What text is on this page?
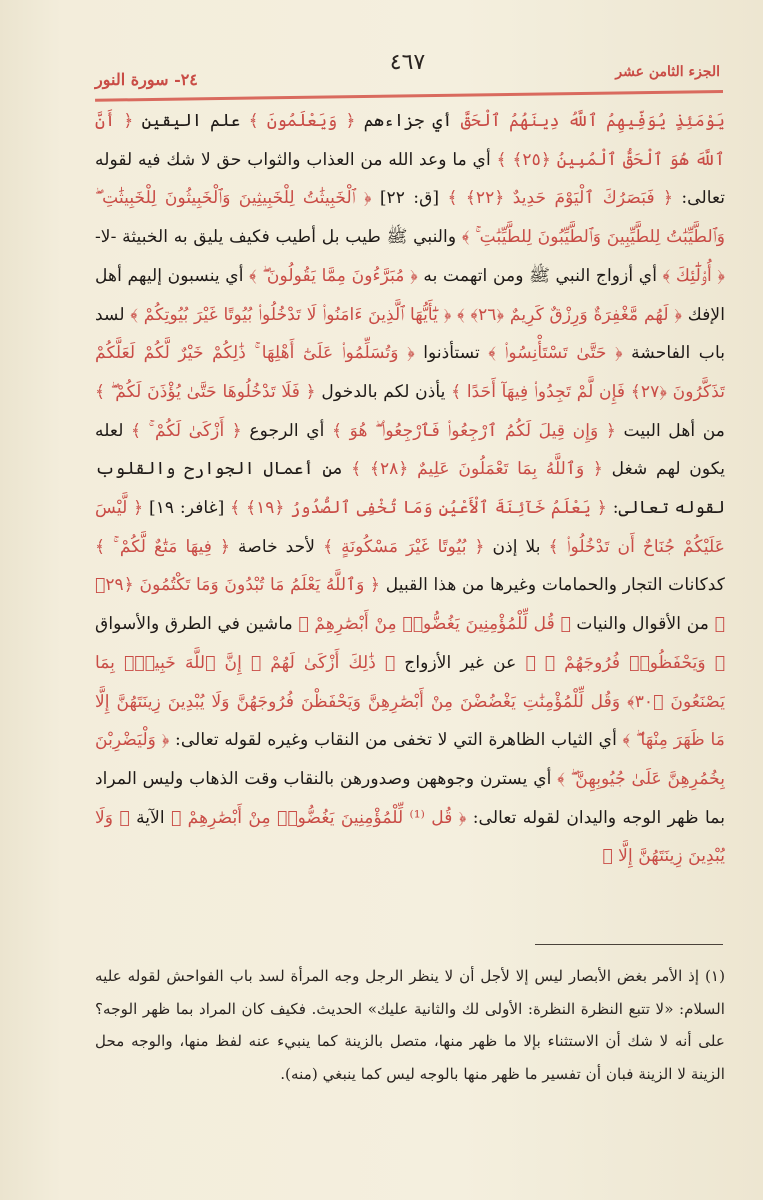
٤٦٧	الجزء الثامن عشر
٢٤- سورة النور
يَوْمَئِذٍ يُوَفِّيهِمُ ٱللَّهُ دِينَهُمُ ٱلْحَقَّ أي جزاءهم ﴿ وَيَعْلَمُونَ ﴾ علم اليقين ﴿ أَنَّ ٱللَّهَ هُوَ ٱلْحَقُّ ٱلْمُبِينُ ﴿٢٥﴾ ﴾ أي ما وعد الله من العذاب والثواب حق لا شك فيه لقوله تعالى: ﴿ فَبَصَرُكَ ٱلْيَوْمَ حَدِيدٌ ﴿٢٢﴾ ﴾ [ق: ٢٢] ﴿ ٱلْخَبِيثَٰتُ لِلْخَبِيثِينَ وَٱلْخَبِيثُونَ لِلْخَبِيثَٰتِ ۖ وَٱلطَّيِّبَٰتُ لِلطَّيِّبِينَ وَٱلطَّيِّبُونَ لِلطَّيِّبَٰتِ ۚ ﴾ والنبي ﷺ طيب بل أطيب فكيف يليق به الخبيثة -لا- ﴿ أُو۟لَٰٓئِكَ ﴾ أي أزواج النبي ﷺ ومن اتهمت به ﴿ مُبَرَّءُونَ مِمَّا يَقُولُونَ ۖ ﴾ أي ينسبون إليهم أهل الإفك ﴿ لَهُم مَّغْفِرَةٌ وَرِزْقٌ كَرِيمٌ ﴿٢٦﴾ ﴾ ﴿ يَٰٓأَيُّهَا ٱلَّذِينَ ءَامَنُوا۟ لَا تَدْخُلُوا۟ بُيُوتًا غَيْرَ بُيُوتِكُمْ ﴾ لسد باب الفاحشة ﴿ حَتَّىٰ تَسْتَأْنِسُوا۟ ﴾ تستأذنوا ﴿ وَتُسَلِّمُوا۟ عَلَىٰٓ أَهْلِهَا ۚ ذَٰلِكُمْ خَيْرٌ لَّكُمْ لَعَلَّكُمْ تَذَكَّرُونَ ﴿٢٧﴾ فَإِن لَّمْ تَجِدُوا۟ فِيهَآ أَحَدًا ﴾ يأذن لكم بالدخول ﴿ فَلَا تَدْخُلُوهَا حَتَّىٰ يُؤْذَنَ لَكُمْ ۖ ﴾ من أهل البيت ﴿ وَإِن قِيلَ لَكُمُ ٱرْجِعُوا۟ فَٱرْجِعُوا۟ ۖ هُوَ ﴾ أي الرجوع ﴿ أَزْكَىٰ لَكُمْ ۚ ﴾ لعله يكون لهم شغل ﴿ وَٱللَّهُ بِمَا تَعْمَلُونَ عَلِيمٌ ﴿٢٨﴾ ﴾ من أعمال الجوارح والقلوب لقوله تعالى: ﴿ يَعْلَمُ خَآئِنَةَ ٱلْأَعْيُنِ وَمَا تُخْفِى ٱلصُّدُورُ ﴿١٩﴾ ﴾ [غافر: ١٩] ﴿ لَّيْسَ عَلَيْكُمْ جُنَاحٌ أَن تَدْخُلُوا۟ ﴾ بلا إذن ﴿ بُيُوتًا غَيْرَ مَسْكُونَةٍ ﴾ لأحد خاصة ﴿ فِيهَا مَتَٰعٌ لَّكُمْ ۚ ﴾ كدكانات التجار والحمامات وغيرها من هذا القبيل ﴿ وَٱللَّهُ يَعْلَمُ مَا تُبْدُونَ وَمَا تَكْتُمُونَ ﴿٢٩﴾ ﴾ من الأقوال والنيات ﴿ قُل لِّلْمُؤْمِنِينَ يَغُضُّوا۟ مِنْ أَبْصَٰرِهِمْ ﴾ ماشين في الطرق والأسواق ﴿ وَيَحْفَظُوا۟ فُرُوجَهُمْ ۚ ﴾ عن غير الأزواج ﴿ ذَٰلِكَ أَزْكَىٰ لَهُمْ ۗ إِنَّ ٱللَّهَ خَبِيرٌۢ بِمَا يَصْنَعُونَ ﴿٣٠﴾ وَقُل لِّلْمُؤْمِنَٰتِ يَغْضُضْنَ مِنْ أَبْصَٰرِهِنَّ وَيَحْفَظْنَ فُرُوجَهُنَّ وَلَا يُبْدِينَ زِينَتَهُنَّ إِلَّا مَا ظَهَرَ مِنْهَا ۖ ﴾ أي الثياب الظاهرة التي لا تخفى من النقاب وغيره لقوله تعالى: ﴿ وَلْيَضْرِبْنَ بِخُمُرِهِنَّ عَلَىٰ جُيُوبِهِنَّ ۖ ﴾ أي يسترن وجوههن وصدورهن بالنقاب وقت الذهاب وليس المراد بما ظهر الوجه واليدان لقوله تعالى: ﴿ قُل ⁽¹⁾ لِّلْمُؤْمِنِينَ يَغُضُّوا۟ مِنْ أَبْصَٰرِهِمْ ﴾ الآية ﴿ وَلَا يُبْدِينَ زِينَتَهُنَّ إِلَّا ﴾
(١) إذ الأمر بغض الأبصار ليس إلا لأجل أن لا ينظر الرجل وجه المرأة لسد باب الفواحش لقوله عليه السلام: «لا تتبع النظرة النظرة: الأولى لك والثانية عليك» الحديث. فكيف كان المراد بما ظهر الوجه؟ على أنه لا شك أن الاستثناء بإلا ما ظهر منها، متصل بالزينة كما ينبيء عنه لفظ منها، والوجه محل الزينة لا الزينة فبان أن تفسير ما ظهر منها بالوجه ليس كما ينبغي (منه).
